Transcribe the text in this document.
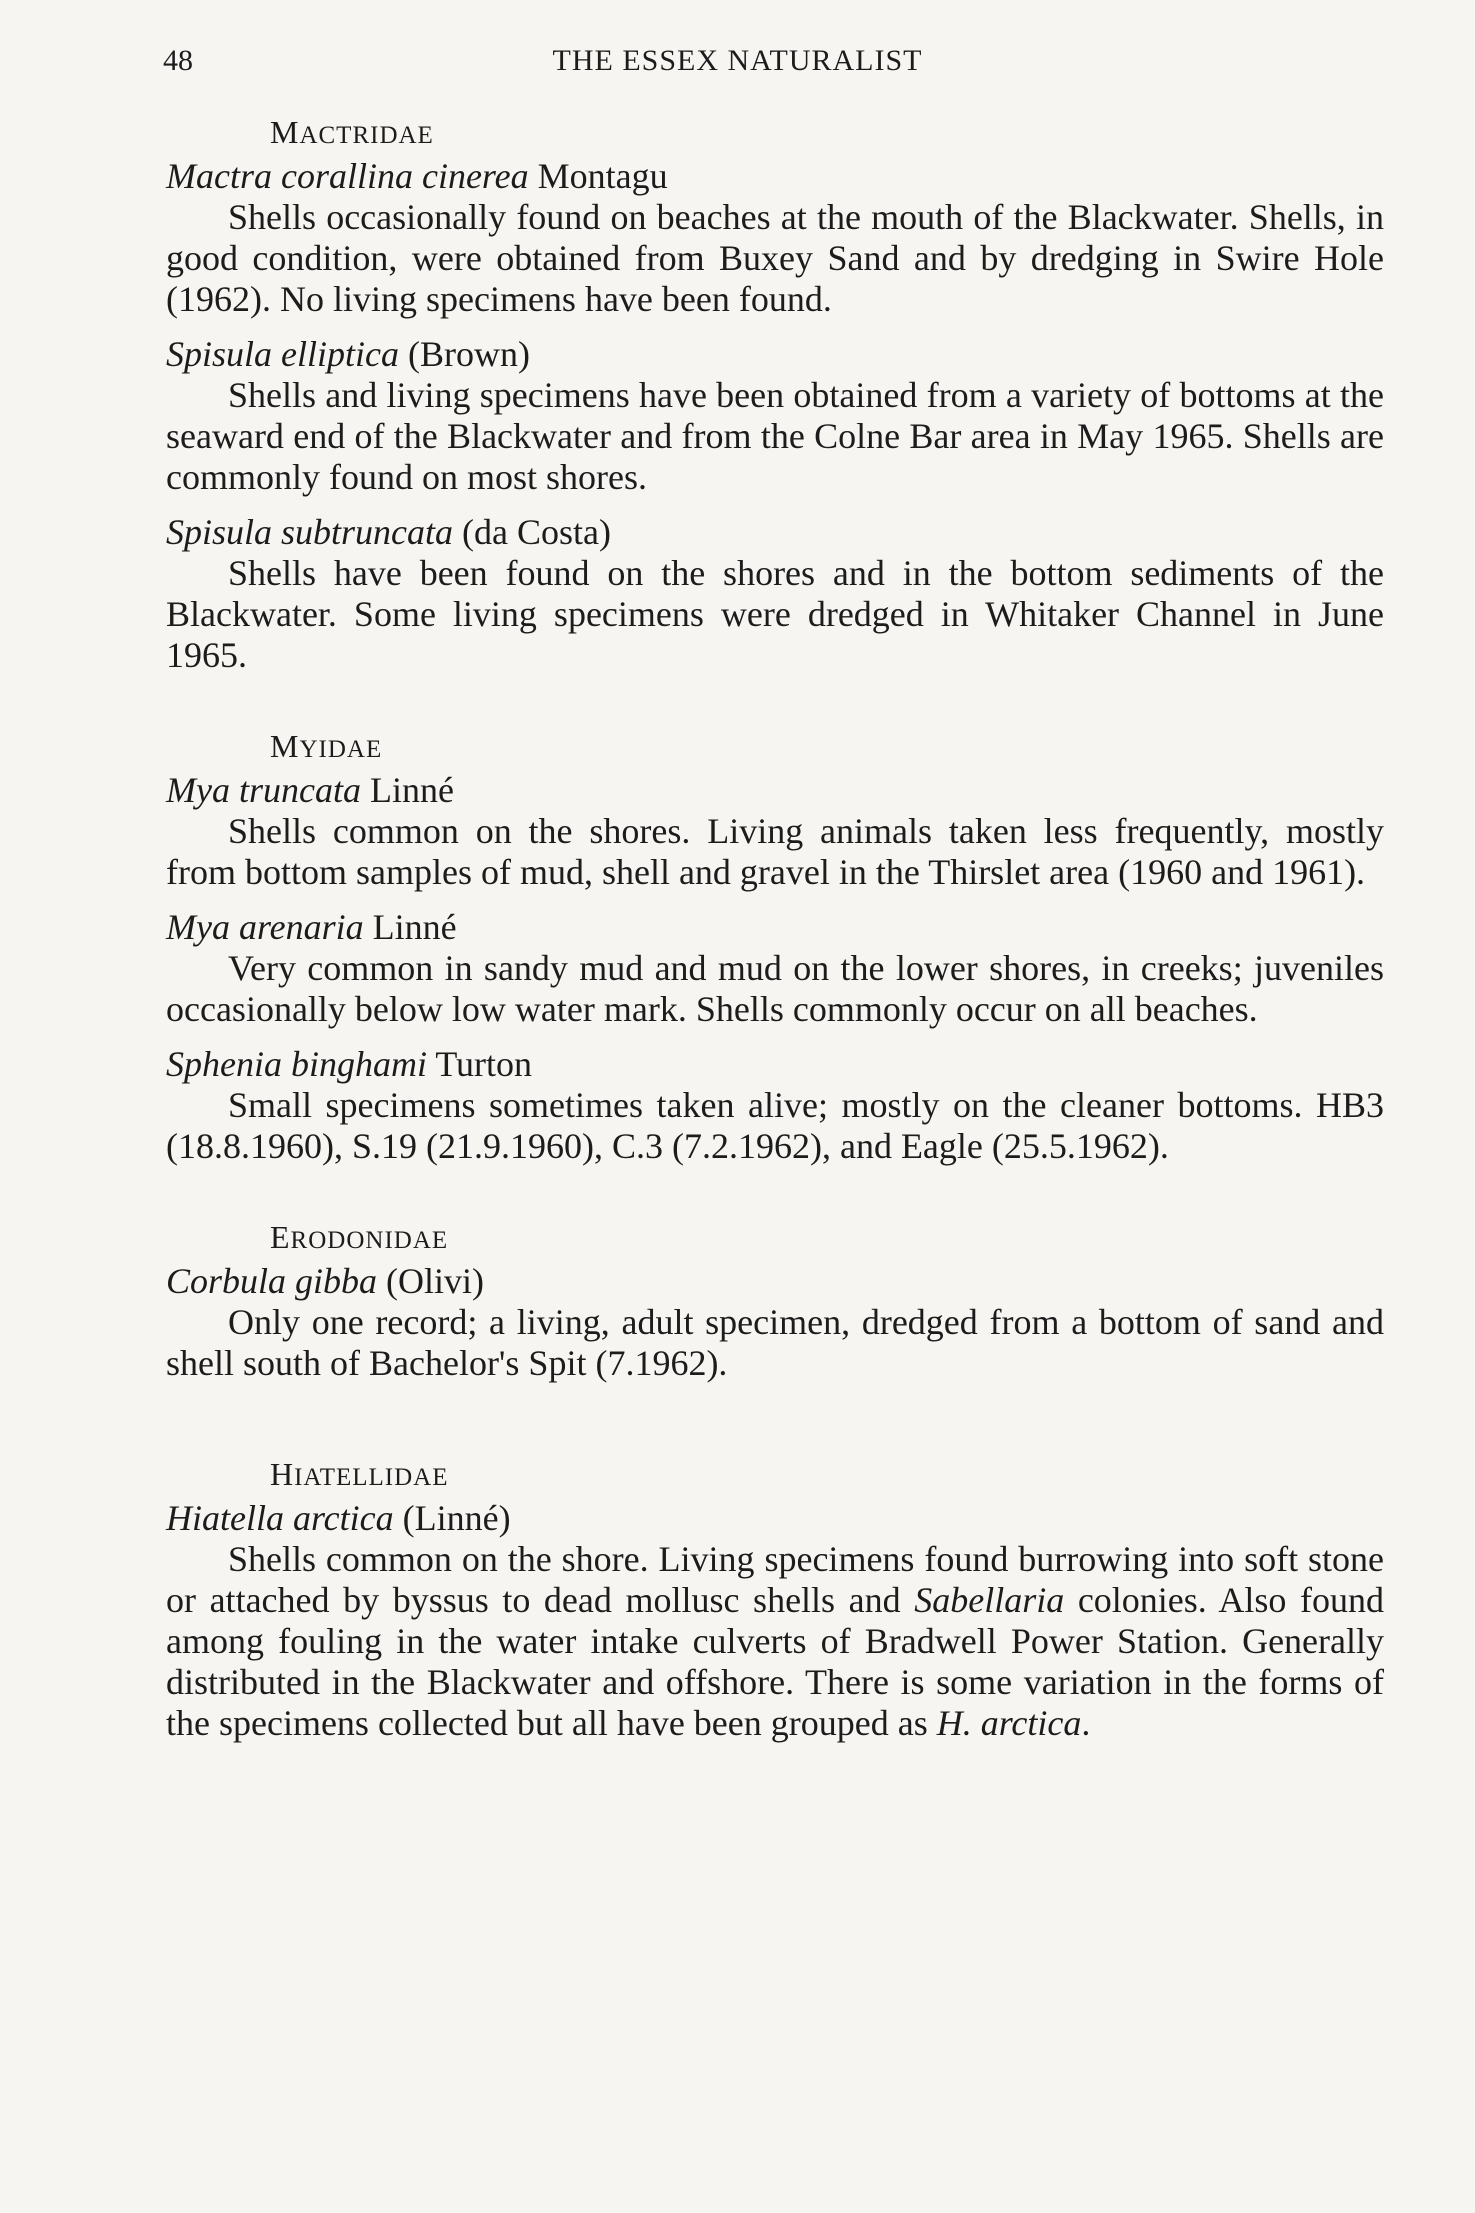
48	THE ESSEX NATURALIST
MACTRIDAE
Mactra corallina cinerea Montagu

Shells occasionally found on beaches at the mouth of the Blackwater. Shells, in good condition, were obtained from Buxey Sand and by dredging in Swire Hole (1962). No living specimens have been found.

Spisula elliptica (Brown)

Shells and living specimens have been obtained from a variety of bottoms at the seaward end of the Blackwater and from the Colne Bar area in May 1965. Shells are commonly found on most shores.

Spisula subtruncata (da Costa)

Shells have been found on the shores and in the bottom sediments of the Blackwater. Some living specimens were dredged in Whitaker Channel in June 1965.

MYIDAE
Mya truncata Linné

Shells common on the shores. Living animals taken less frequently, mostly from bottom samples of mud, shell and gravel in the Thirslet area (1960 and 1961).

Mya arenaria Linné

Very common in sandy mud and mud on the lower shores, in creeks; juveniles occasionally below low water mark. Shells commonly occur on all beaches.

Sphenia binghami Turton

Small specimens sometimes taken alive; mostly on the cleaner bottoms. HB3 (18.8.1960), S.19 (21.9.1960), C.3 (7.2.1962), and Eagle (25.5.1962).

ERODONIDAE
Corbula gibba (Olivi)

Only one record; a living, adult specimen, dredged from a bottom of sand and shell south of Bachelor's Spit (7.1962).

HIATELLIDAE
Hiatella arctica (Linné)

Shells common on the shore. Living specimens found burrowing into soft stone or attached by byssus to dead mollusc shells and Sabellaria colonies. Also found among fouling in the water intake culverts of Bradwell Power Station. Generally distributed in the Blackwater and offshore. There is some variation in the forms of the specimens collected but all have been grouped as H. arctica.
